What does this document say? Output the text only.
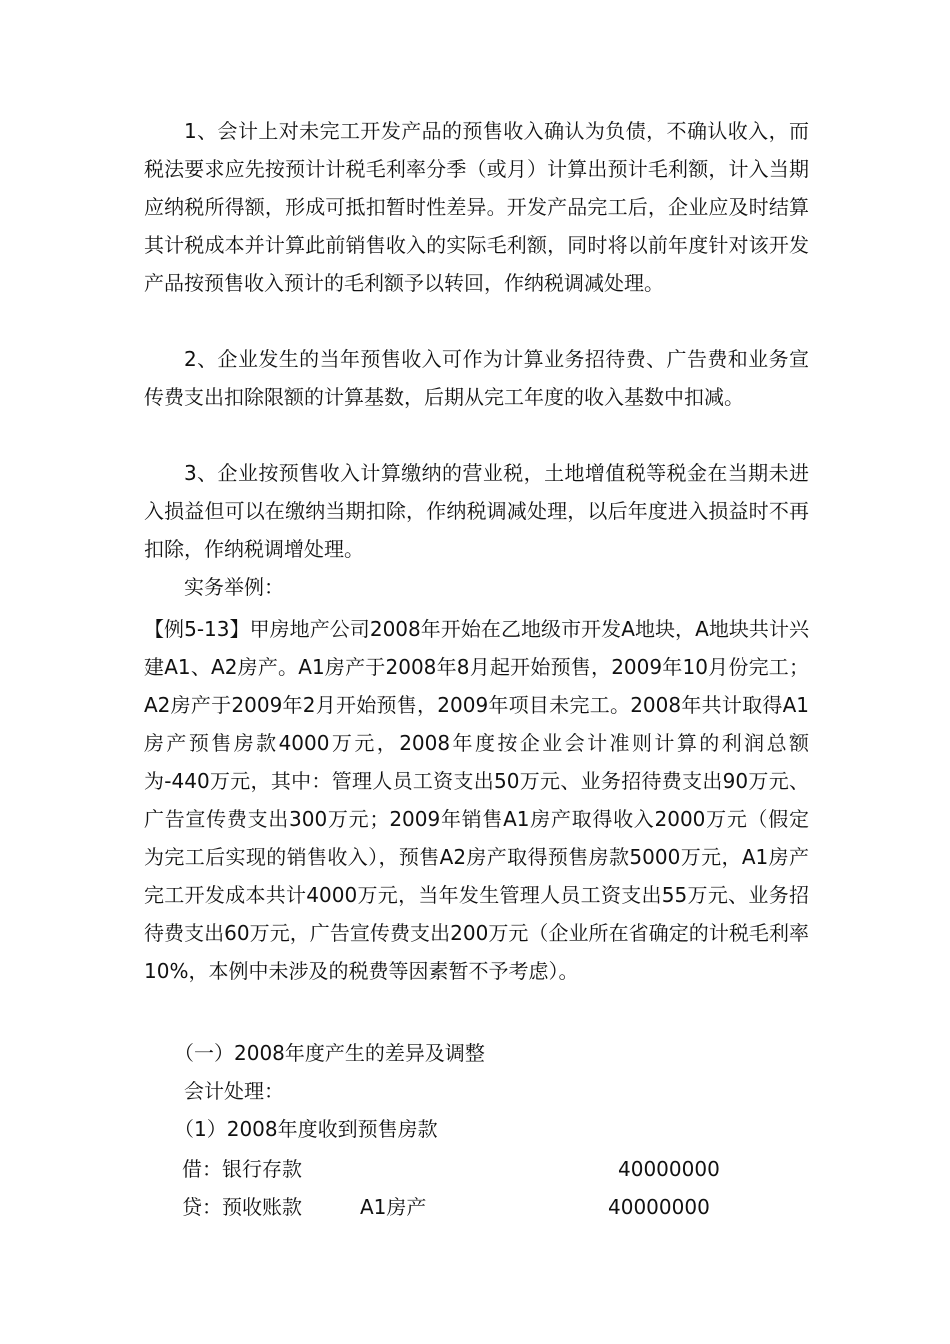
1、会计上对未完工开发产品的预售收入确认为负债，不确认收入，而税法要求应先按预计计税毛利率分季（或月）计算出预计毛利额，计入当期应纳税所得额，形成可抵扣暂时性差异。开发产品完工后，企业应及时结算其计税成本并计算此前销售收入的实际毛利额，同时将以前年度针对该开发产品按预售收入预计的毛利额予以转回，作纳税调减处理。

2、企业发生的当年预售收入可作为计算业务招待费、广告费和业务宣传费支出扣除限额的计算基数，后期从完工年度的收入基数中扣减。

3、企业按预售收入计算缴纳的营业税，土地增值税等税金在当期未进入损益但可以在缴纳当期扣除，作纳税调减处理，以后年度进入损益时不再扣除，作纳税调增处理。

实务举例：

【例5-13】甲房地产公司2008年开始在乙地级市开发A地块，A地块共计兴建A1、A2房产。A1房产于2008年8月起开始预售，2009年10月份完工；A2房产于2009年2月开始预售，2009年项目未完工。2008年共计取得A1房产预售房款4000万元，2008年度按企业会计准则计算的利润总额为-440万元，其中：管理人员工资支出50万元、业务招待费支出90万元、广告宣传费支出300万元；2009年销售A1房产取得收入2000万元（假定为完工后实现的销售收入），预售A2房产取得预售房款5000万元，A1房产完工开发成本共计4000万元，当年发生管理人员工资支出55万元、业务招待费支出60万元，广告宣传费支出200万元（企业所在省确定的计税毛利率10%，本例中未涉及的税费等因素暂不予考虑）。

（一）2008年度产生的差异及调整

会计处理：

（1）2008年度收到预售房款

借：银行存款	40000000
贷：预收账款	A1房产	40000000
